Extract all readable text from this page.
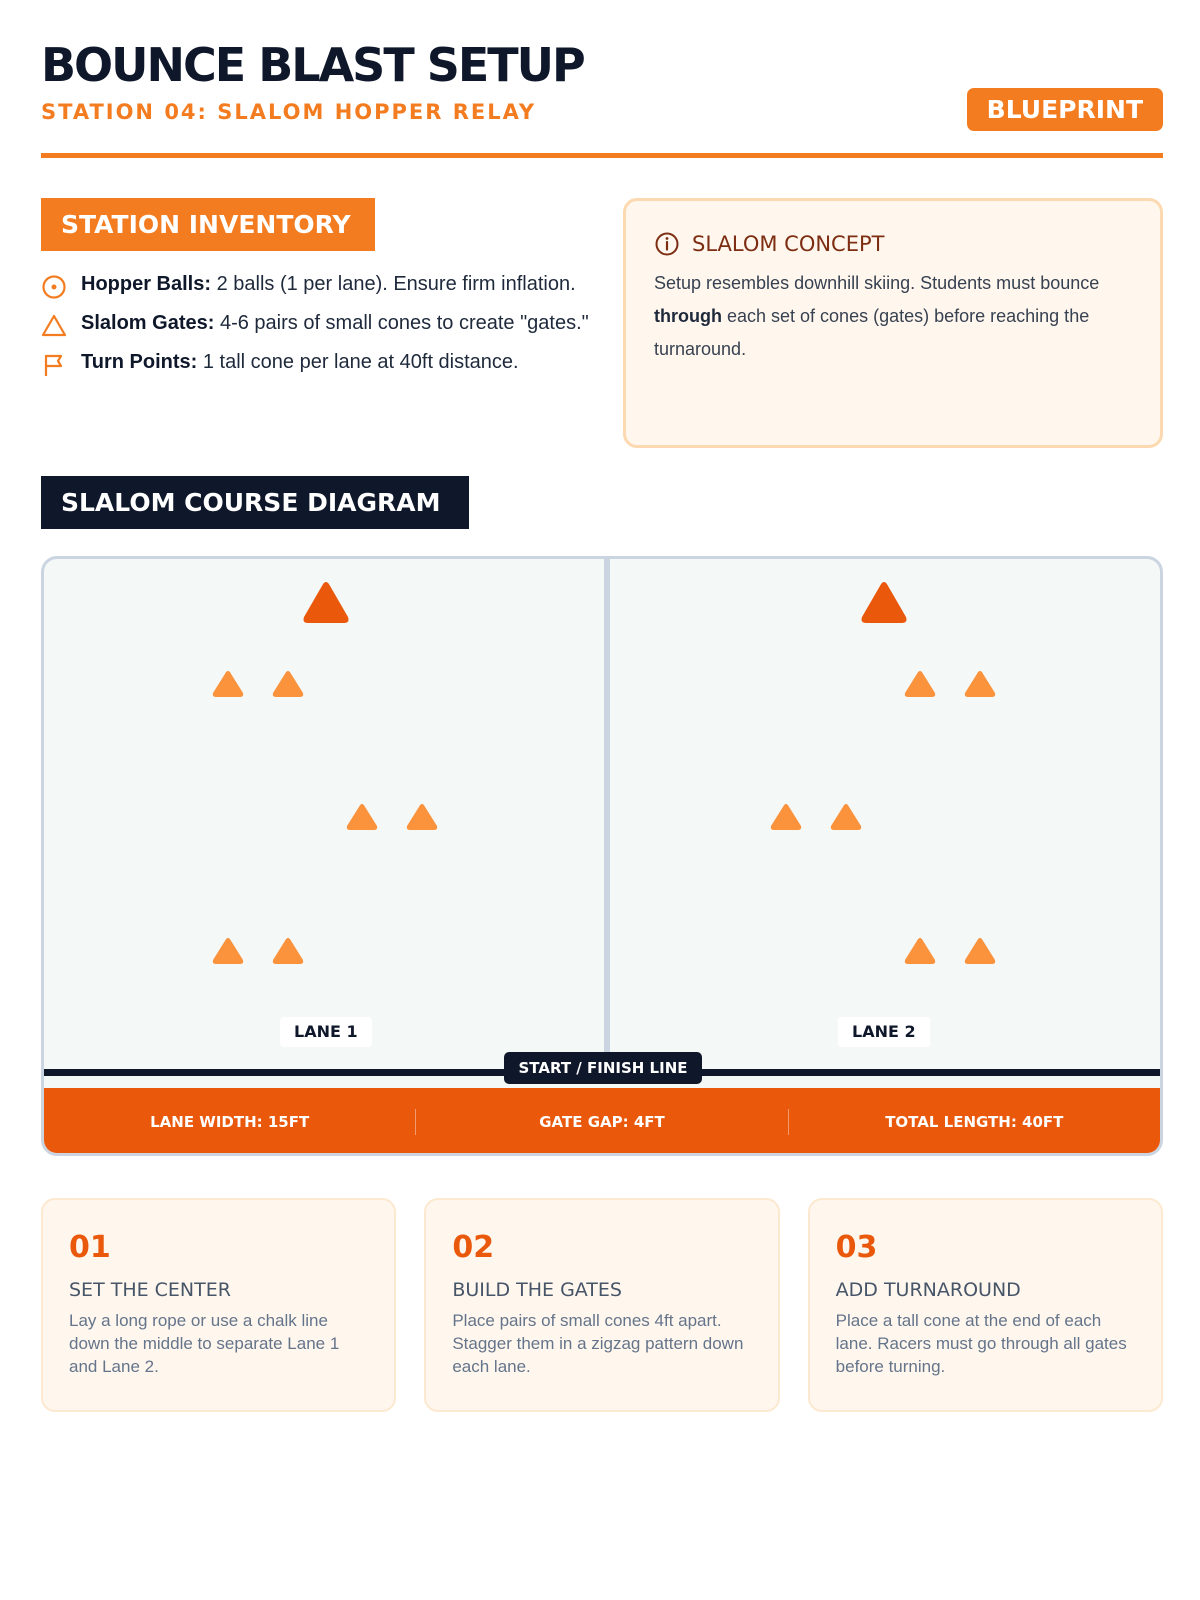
BOUNCE BLAST SETUP
STATION 04: SLALOM HOPPER RELAY	BLUEPRINT
STATION INVENTORY
Hopper Balls: 2 balls (1 per lane). Ensure firm inflation.
Slalom Gates: 4-6 pairs of small cones to create "gates."
Turn Points: 1 tall cone per lane at 40ft distance.
SLALOM CONCEPT
Setup resembles downhill skiing. Students must bounce through each set of cones (gates) before reaching the turnaround.
SLALOM COURSE DIAGRAM
LANE 1	LANE 2
START / FINISH LINE
LANE WIDTH: 15FT	GATE GAP: 4FT	TOTAL LENGTH: 40FT
01
SET THE CENTER
Lay a long rope or use a chalk line down the middle to separate Lane 1 and Lane 2.
02
BUILD THE GATES
Place pairs of small cones 4ft apart. Stagger them in a zigzag pattern down each lane.
03
ADD TURNAROUND
Place a tall cone at the end of each lane. Racers must go through all gates before turning.
